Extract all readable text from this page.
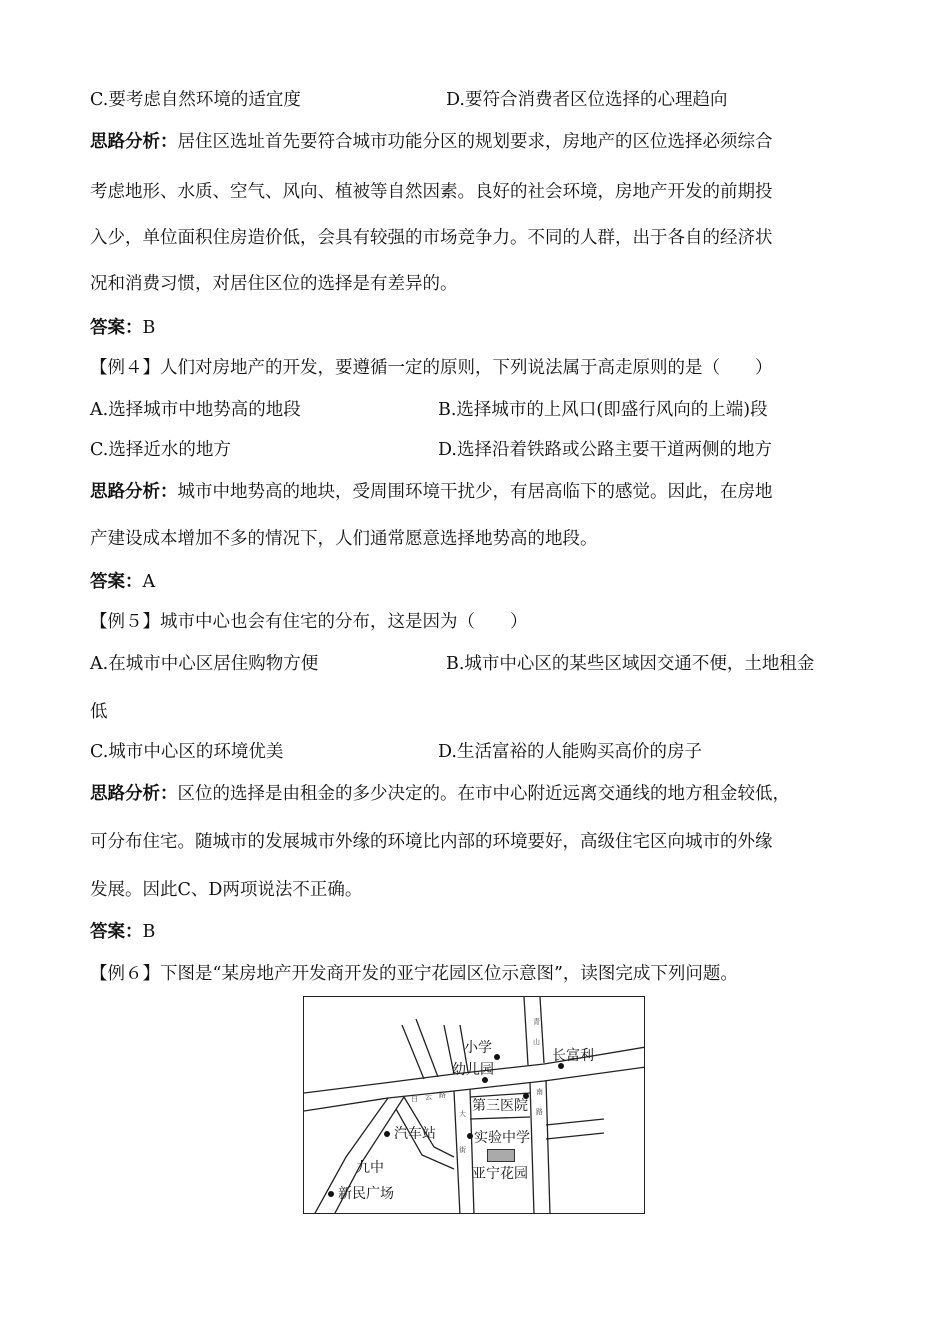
C.要考虑自然环境的适宜度	D.要符合消费者区位选择的心理趋向
思路分析：居住区选址首先要符合城市功能分区的规划要求，房地产的区位选择必须综合
考虑地形、水质、空气、风向、植被等自然因素。良好的社会环境，房地产开发的前期投
入少，单位面积住房造价低，会具有较强的市场竞争力。不同的人群，出于各自的经济状
况和消费习惯，对居住区位的选择是有差异的。
答案：B
【例４】人们对房地产的开发，要遵循一定的原则，下列说法属于高走原则的是（　　）
A.选择城市中地势高的地段	B.选择城市的上风口(即盛行风向的上端)段
C.选择近水的地方	D.选择沿着铁路或公路主要干道两侧的地方
思路分析：城市中地势高的地块，受周围环境干扰少，有居高临下的感觉。因此，在房地
产建设成本增加不多的情况下，人们通常愿意选择地势高的地段。
答案：A
【例５】城市中心也会有住宅的分布，这是因为（　　）
A.在城市中心区居住购物方便	B.城市中心区的某些区域因交通不便，土地租金
低
C.城市中心区的环境优美	D.生活富裕的人能购买高价的房子
思路分析：区位的选择是由租金的多少决定的。在市中心附近远离交通线的地方租金较低，
可分布住宅。随城市的发展城市外缘的环境比内部的环境要好，高级住宅区向城市的外缘
发展。因此C、D两项说法不正确。
答案：B
【例６】下图是“某房地产开发商开发的亚宁花园区位示意图”，读图完成下列问题。
小学
幼儿园
长富利
第三医院
汽车站	实验中学
九中	亚宁花园
新民广场
白 云 路
大
街
青
山
南
路
